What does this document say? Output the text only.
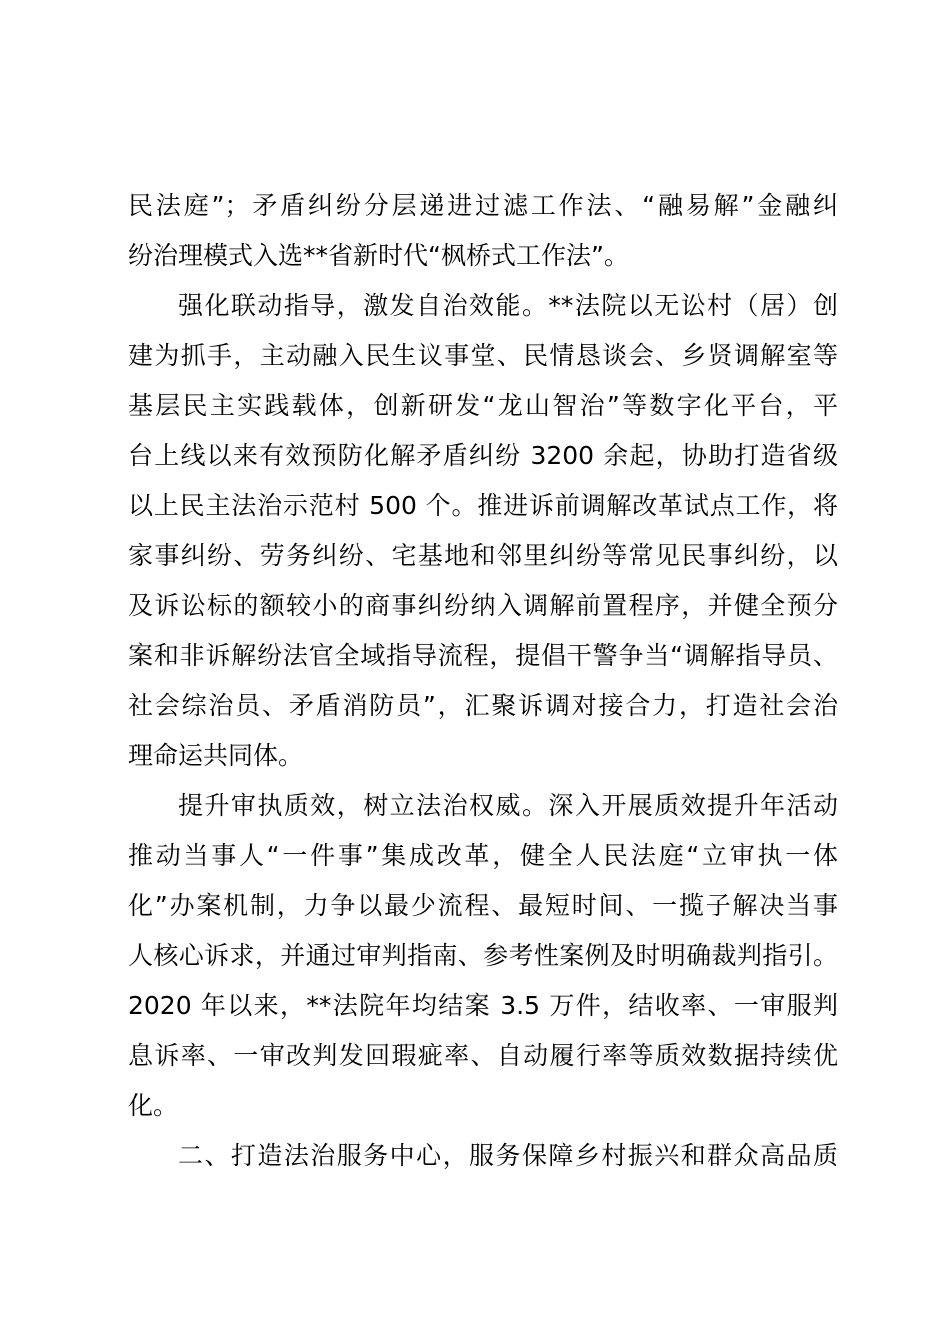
民法庭”；矛盾纠纷分层递进过滤工作法、“融易解”金融纠
纷治理模式入选**省新时代“枫桥式工作法”。
强化联动指导，激发自治效能。**法院以无讼村（居）创
建为抓手，主动融入民生议事堂、民情恳谈会、乡贤调解室等
基层民主实践载体，创新研发“龙山智治”等数字化平台，平
台上线以来有效预防化解矛盾纠纷 3200 余起，协助打造省级
以上民主法治示范村 500 个。推进诉前调解改革试点工作，将
家事纠纷、劳务纠纷、宅基地和邻里纠纷等常见民事纠纷，以
及诉讼标的额较小的商事纠纷纳入调解前置程序，并健全预分
案和非诉解纷法官全域指导流程，提倡干警争当“调解指导员、
社会综治员、矛盾消防员”，汇聚诉调对接合力，打造社会治
理命运共同体。
提升审执质效，树立法治权威。深入开展质效提升年活动
推动当事人“一件事”集成改革，健全人民法庭“立审执一体
化”办案机制，力争以最少流程、最短时间、一揽子解决当事
人核心诉求，并通过审判指南、参考性案例及时明确裁判指引。
2020 年以来，**法院年均结案 3.5 万件，结收率、一审服判
息诉率、一审改判发回瑕疵率、自动履行率等质效数据持续优
化。
二、打造法治服务中心，服务保障乡村振兴和群众高品质
